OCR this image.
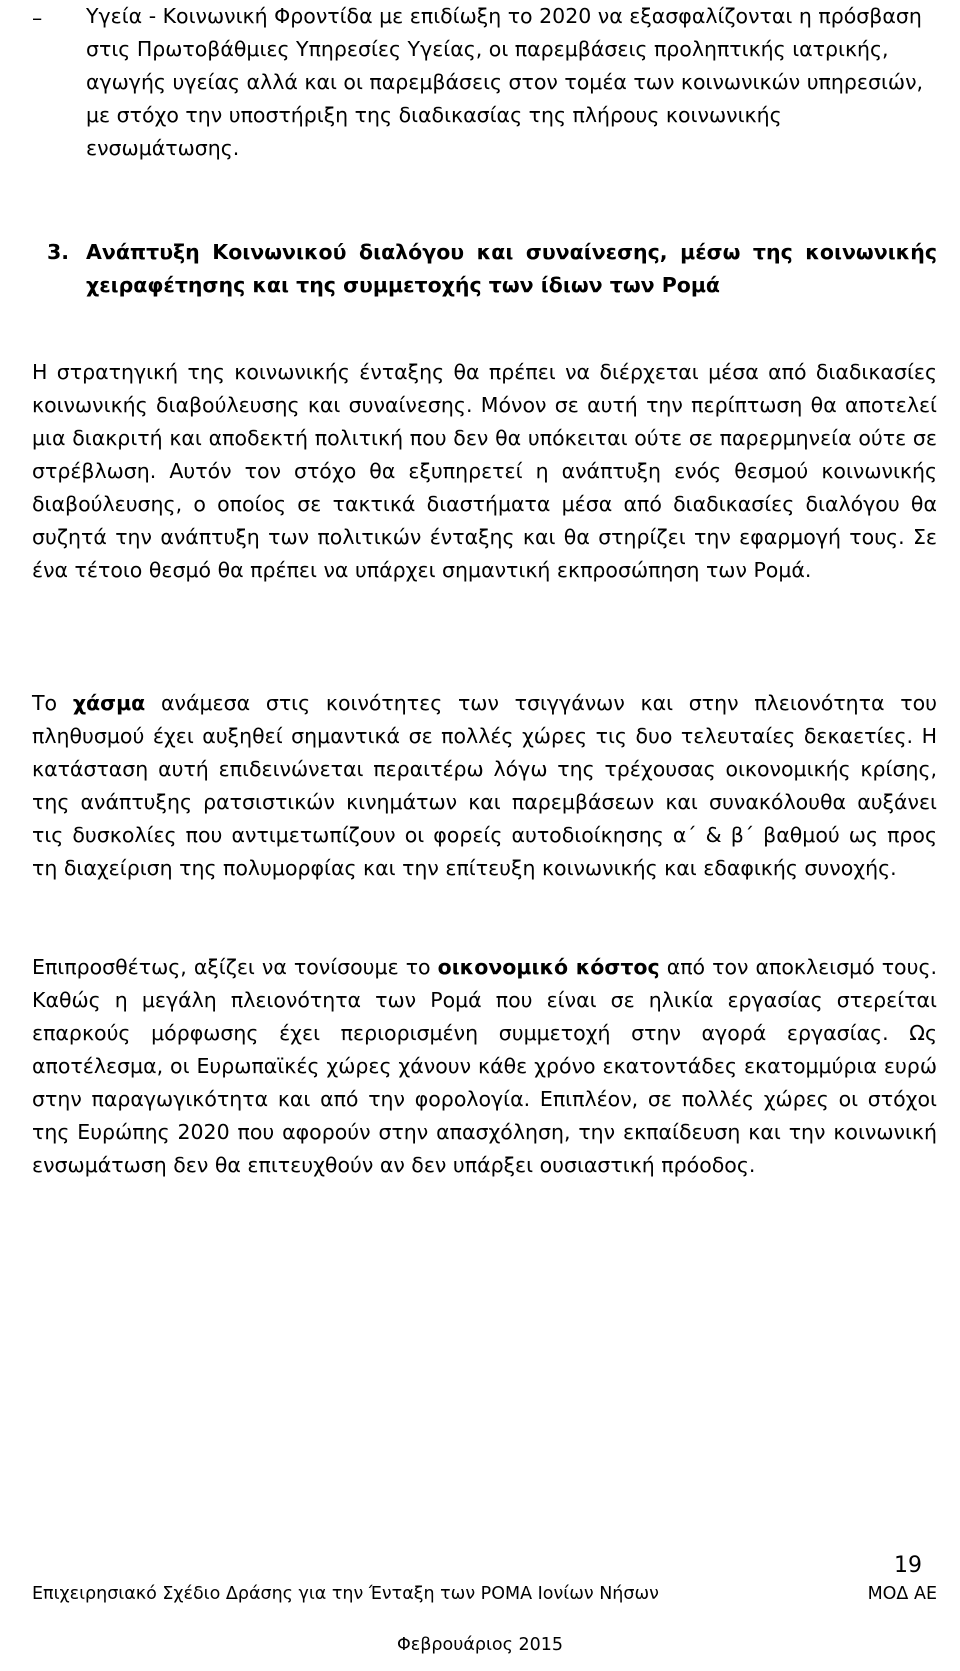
– Υγεία - Κοινωνική Φροντίδα με επιδίωξη το 2020 να εξασφαλίζονται η πρόσβαση στις Πρωτοβάθμιες Υπηρεσίες Υγείας, οι παρεμβάσεις προληπτικής ιατρικής, αγωγής υγείας αλλά και οι παρεμβάσεις στον τομέα των κοινωνικών υπηρεσιών, με στόχο την υποστήριξη της διαδικασίας της πλήρους κοινωνικής ενσωμάτωσης.
3. Ανάπτυξη Κοινωνικού διαλόγου και συναίνεσης, μέσω της κοινωνικής χειραφέτησης και της συμμετοχής των ίδιων των Ρομά
Η στρατηγική της κοινωνικής ένταξης θα πρέπει να διέρχεται μέσα από διαδικασίες κοινωνικής διαβούλευσης και συναίνεσης. Μόνον σε αυτή την περίπτωση θα αποτελεί μια διακριτή και αποδεκτή πολιτική που δεν θα υπόκειται ούτε σε παρερμηνεία ούτε σε στρέβλωση. Αυτόν τον στόχο θα εξυπηρετεί η ανάπτυξη ενός θεσμού κοινωνικής διαβούλευσης, ο οποίος σε τακτικά διαστήματα μέσα από διαδικασίες διαλόγου θα συζητά την ανάπτυξη των πολιτικών ένταξης και θα στηρίζει την εφαρμογή τους. Σε ένα τέτοιο θεσμό θα πρέπει να υπάρχει σημαντική εκπροσώπηση των Ρομά.
Το χάσμα ανάμεσα στις κοινότητες των τσιγγάνων και στην πλειονότητα του πληθυσμού έχει αυξηθεί σημαντικά σε πολλές χώρες τις δυο τελευταίες δεκαετίες. Η κατάσταση αυτή επιδεινώνεται περαιτέρω λόγω της τρέχουσας οικονομικής κρίσης, της ανάπτυξης ρατσιστικών κινημάτων και παρεμβάσεων και συνακόλουθα αυξάνει τις δυσκολίες που αντιμετωπίζουν οι φορείς αυτοδιοίκησης α΄ & β΄ βαθμού ως προς τη διαχείριση της πολυμορφίας και την επίτευξη κοινωνικής και εδαφικής συνοχής.
Επιπροσθέτως, αξίζει να τονίσουμε το οικονομικό κόστος από τον αποκλεισμό τους. Καθώς η μεγάλη πλειονότητα των Ρομά που είναι σε ηλικία εργασίας στερείται επαρκούς μόρφωσης έχει περιορισμένη συμμετοχή στην αγορά εργασίας. Ως αποτέλεσμα, οι Ευρωπαϊκές χώρες χάνουν κάθε χρόνο εκατοντάδες εκατομμύρια ευρώ στην παραγωγικότητα και από την φορολογία. Επιπλέον, σε πολλές χώρες οι στόχοι της Ευρώπης 2020 που αφορούν στην απασχόληση, την εκπαίδευση και την κοινωνική ενσωμάτωση δεν θα επιτευχθούν αν δεν υπάρξει ουσιαστική πρόοδος.
19
Επιχειρησιακό Σχέδιο Δράσης για την Ένταξη των ΡΟΜΑ Ιονίων Νήσων	ΜΟΔ ΑΕ
Φεβρουάριος 2015
